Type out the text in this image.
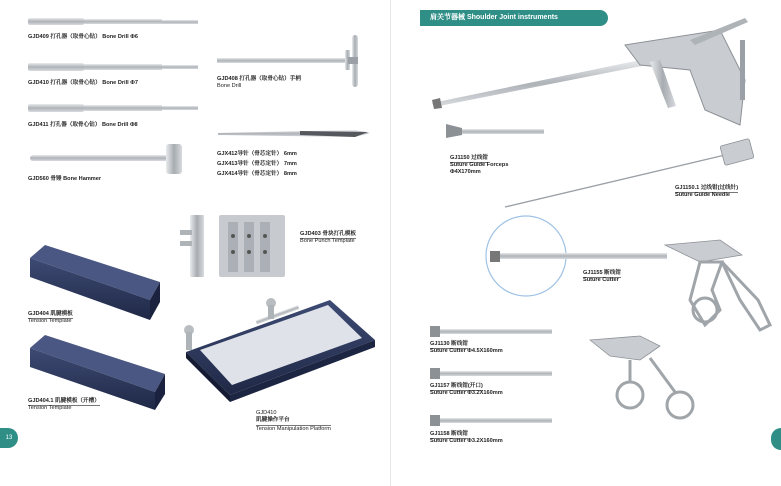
GJD409 打孔器（取骨心钻） Bone Drill Φ6
GJD410 打孔器（取骨心钻） Bone Drill Φ7
GJD411 打孔器（取骨心钻） Bone Drill Φ8
GJD560 骨锤 Bone Hammer
GJD408 打孔器（取骨心钻）手柄
Bone Drill
GJX412导针（骨芯定针） 6mm
GJX413导针（骨芯定针） 7mm
GJX414导针（骨芯定针） 8mm
GJD403 骨块打孔模板
Bone Punch Template
GJD404 肌腱模板
Tension Template
GJD404.1 肌腱模板（开槽）
Tension Template
GJD410
肌腱操作平台
Tension Manipulation Platform
13
肩关节器械 Shoulder Joint instruments
GJ1150 过线钳
Suture Guide Forceps
Φ4X170mm
GJ1150.1 过线钳(过线针)
Suture Guide Needle
GJ1155 断线钳
Suture Cutter
GJ1130 断线钳
Suture Cutter Φ4.5X160mm
GJ1157 断线钳(开口)
Suture Cutter Φ3.2X160mm
GJ1158 断线钳
Suture Cutter Φ3.2X160mm
